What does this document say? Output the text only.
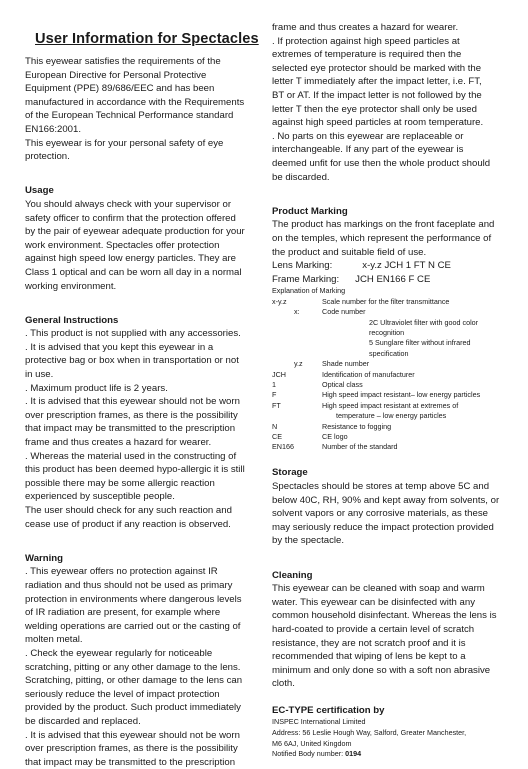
User Information for Spectacles

This eyewear satisfies the requirements of the

European Directive for Personal Protective

Equipment (PPE) 89/686/EEC and has been

manufactured in accordance with the Requirements

of the European Technical Performance standard

EN166:2001.

This eyewear is for your personal safety of eye

protection.

Usage

You should always check with your supervisor or

safety officer to confirm that the protection offered

by the pair of eyewear adequate production for your

work environment. Spectacles offer protection

against high speed low energy particles. They are

Class 1 optical and can be worn all day in a normal

working environment.

General Instructions

. This product is not supplied with any accessories.

. It is advised that you kept this eyewear in a

protective bag or box when in transportation or not

in use.

. Maximum product life is 2 years.

. It is advised that this eyewear should not be worn

over prescription frames, as there is the possibility

that impact may be transmitted to the prescription

frame and thus creates a hazard for wearer.

. Whereas the material used in the constructing of

this product has been deemed hypo-allergic it is still

possible there may be some allergic reaction

experienced by susceptible people.

The user should check for any such reaction and

cease use of product if any reaction is observed.

Warning

. This eyewear offers no protection against IR

radiation and thus should not be used as primary

protection in environments where dangerous levels

of IR radiation are present, for example where

welding operations are carried out or the casting of

molten metal.

. Check the eyewear regularly for noticeable

scratching, pitting or any other damage to the lens.

Scratching, pitting, or other damage to the lens can

seriously reduce the level of impact protection

provided by the product. Such product immediately

be discarded and replaced.

. It is advised that this eyewear should not be worn

over prescription frames, as there is the possibility

that impact may be transmitted to the prescription

frame and thus creates a hazard for wearer.

. If protection against high speed particles at

extremes of temperature is required then the

selected eye protector should be marked with the

letter T immediately after the impact letter, i.e. FT,

BT or AT. If the impact letter is not followed by the

letter T then the eye protector shall only be used

against high speed particles at room temperature.

. No parts on this eyewear are replaceable or

interchangeable. If any part of the eyewear is

deemed unfit for use then the whole product should

be discarded.

Product Marking

The product has markings on the front faceplate and

on the temples, which represent the performance of

the product and suitable field of use.

Lens Marking:	x-y.z JCH 1 FT N CE

Frame Marking: JCH EN166 F CE

Explanation of Marking
x-y.z	Scale number for the filter transmittance
x:	Code number
2C Ultraviolet filter with good color recognition
5 Sunglare filter without infrared specification
y.z	Shade number
JCH	Identification of manufacturer
1	Optical class
F	High speed impact resistant– low energy particles
FT	High speed impact resistant at extremes of
temperature – low energy particles
N	Resistance to fogging
CE	CE logo
EN166	Number of the standard

Storage

Spectacles should be stores at temp above 5C and

below 40C, RH, 90% and kept away from solvents, or

solvent vapors or any corrosive materials, as these

may seriously reduce the impact protection provided

by the spectacle.

Cleaning

This eyewear can be cleaned with soap and warm

water. This eyewear can be disinfected with any

common household disinfectant. Whereas the lens is

hard-coated to provide a certain level of scratch

resistance, they are not scratch proof and it is

recommended that wiping of lens be kept to a

minimum and only done so with a soft non abrasive

cloth.

EC-TYPE certification by

INSPEC International Limited

Address: 56 Leslie Hough Way, Salford, Greater Manchester,

M6 6AJ, United Kingdom

Notified Body number: 0194
